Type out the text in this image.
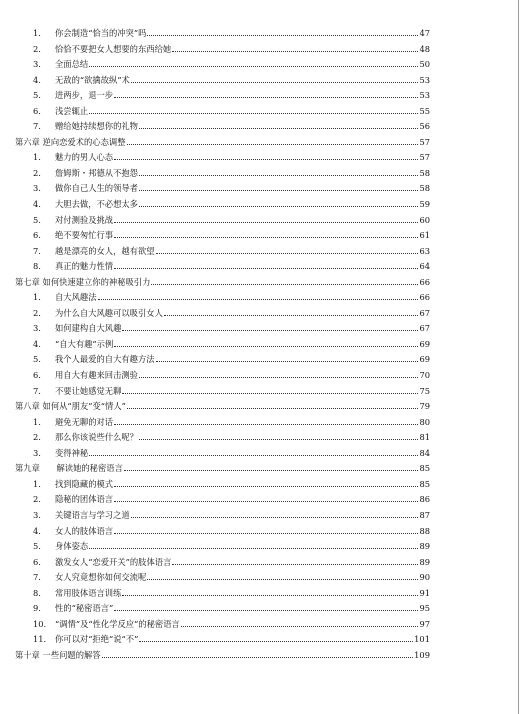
1.	你会制造“恰当的冲突”吗	47
2.	恰恰不要把女人想要的东西给她	48
3.	全面总结	50
4.	无敌的“欲擒故纵”术	53
5.	进两步，退一步	53
6.	浅尝辄止	55
7.	赠给她持续想你的礼物	56
第六章 逆向恋爱术的心态调整	57
1.	魅力的男人心态	57
2.	詹姆斯・邦德从不抱怨	58
3.	做你自己人生的领导者	58
4.	大胆去做，不必想太多	59
5.	对付测验及挑战	60
6.	绝不要匆忙行事	61
7.	越是漂亮的女人，越有欲望	63
8.	真正的魅力性情	64
第七章 如何快速建立你的神秘吸引力	66
1.	自大风趣法	66
2.	为什么自大风趣可以吸引女人	67
3.	如何建构自大风趣	67
4.	“自大有趣”示例	69
5.	我个人最爱的自大有趣方法	69
6.	用自大有趣来回击测验	70
7.	不要让她感觉无聊	75
第八章 如何从“朋友”变“情人”	79
1.	避免无聊的对话	80
2.	那么你该说些什么呢？	81
3.	变得神秘	84
第九章　　解读她的秘密语言	85
1.	找到隐藏的模式	85
2.	隐秘的团体语言	86
3.	关键语言与学习之道	87
4.	女人的肢体语言	88
5.	身体姿态	89
6.	激发女人“恋爱开关”的肢体语言	89
7.	女人究竟想你如何交流呢	90
8.	常用肢体语言训练	91
9.	性的“秘密语言”	95
10.	“调情”及“性化学反应”的秘密语言	97
11.	你可以对“拒绝”说“不”	101
第十章 一些问题的解答	109
